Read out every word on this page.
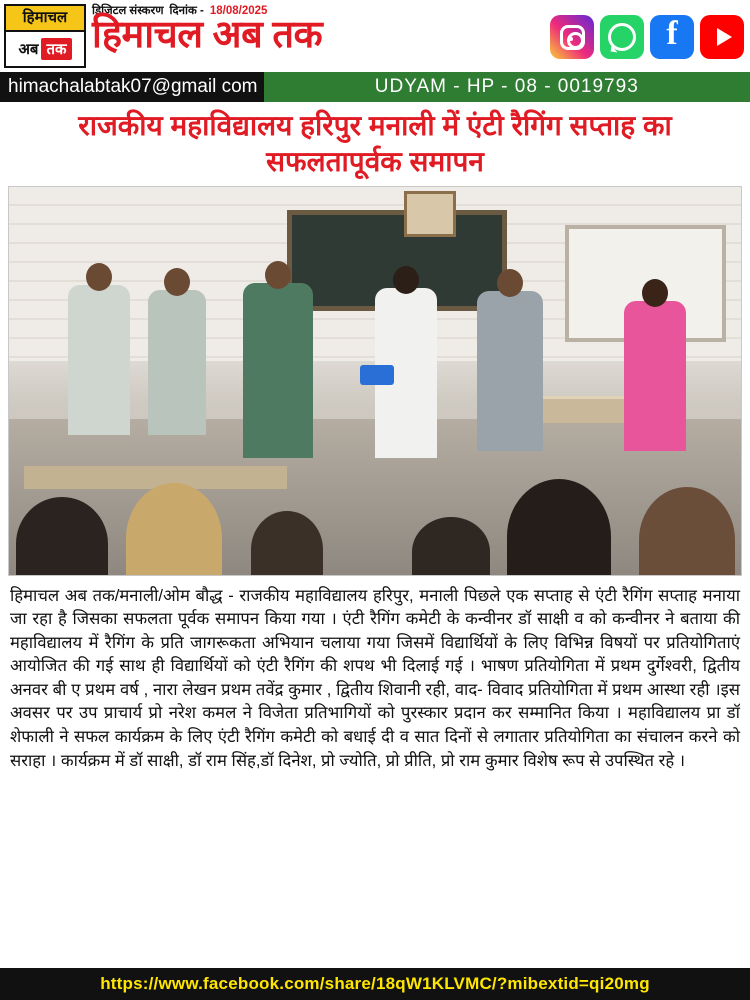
हिमाचल
अब तक
डिजिटल संस्करण दिनांक - 18/08/2025
हिमाचल अब तक	f
himachalabtak07@gmail com	UDYAM - HP - 08 - 0019793
राजकीय महाविद्यालय हरिपुर मनाली में एंटी रैगिंग सप्ताह का सफलतापूर्वक समापन
हिमाचल अब तक/मनाली/ओम बौद्ध - राजकीय महाविद्यालय हरिपुर, मनाली पिछले एक सप्ताह से एंटी रैगिंग सप्ताह मनाया जा रहा है जिसका सफलता पूर्वक समापन किया गया । एंटी रैगिंग कमेटी के कन्वीनर डॉ साक्षी व को कन्वीनर ने बताया की महाविद्यालय में रैगिंग के प्रति जागरूकता अभियान चलाया गया जिसमें विद्यार्थियों के लिए विभिन्न विषयों पर प्रतियोगिताएं आयोजित की गई साथ ही विद्यार्थियों को एंटी रैगिंग की शपथ भी दिलाई गई । भाषण प्रतियोगिता में प्रथम दुर्गेश्वरी, द्वितीय अनवर बी ए प्रथम वर्ष , नारा लेखन प्रथम तवेंद्र कुमार , द्वितीय शिवानी रही, वाद- विवाद प्रतियोगिता में प्रथम आस्था रही ।इस अवसर पर उप प्राचार्य प्रो नरेश कमल ने विजेता प्रतिभागियों को पुरस्कार प्रदान कर सम्मानित किया । महाविद्यालय प्रा डॉ शेफाली ने सफल कार्यक्रम के लिए एंटी रैगिंग कमेटी को बधाई दी व सात दिनों से लगातार प्रतियोगिता का संचालन करने को सराहा । कार्यक्रम में डॉ साक्षी, डॉ राम सिंह,डॉ दिनेश, प्रो ज्योति, प्रो प्रीति, प्रो राम कुमार विशेष रूप से उपस्थित रहे ।
https://www.facebook.com/share/18qW1KLVMC/?mibextid=qi20mg
